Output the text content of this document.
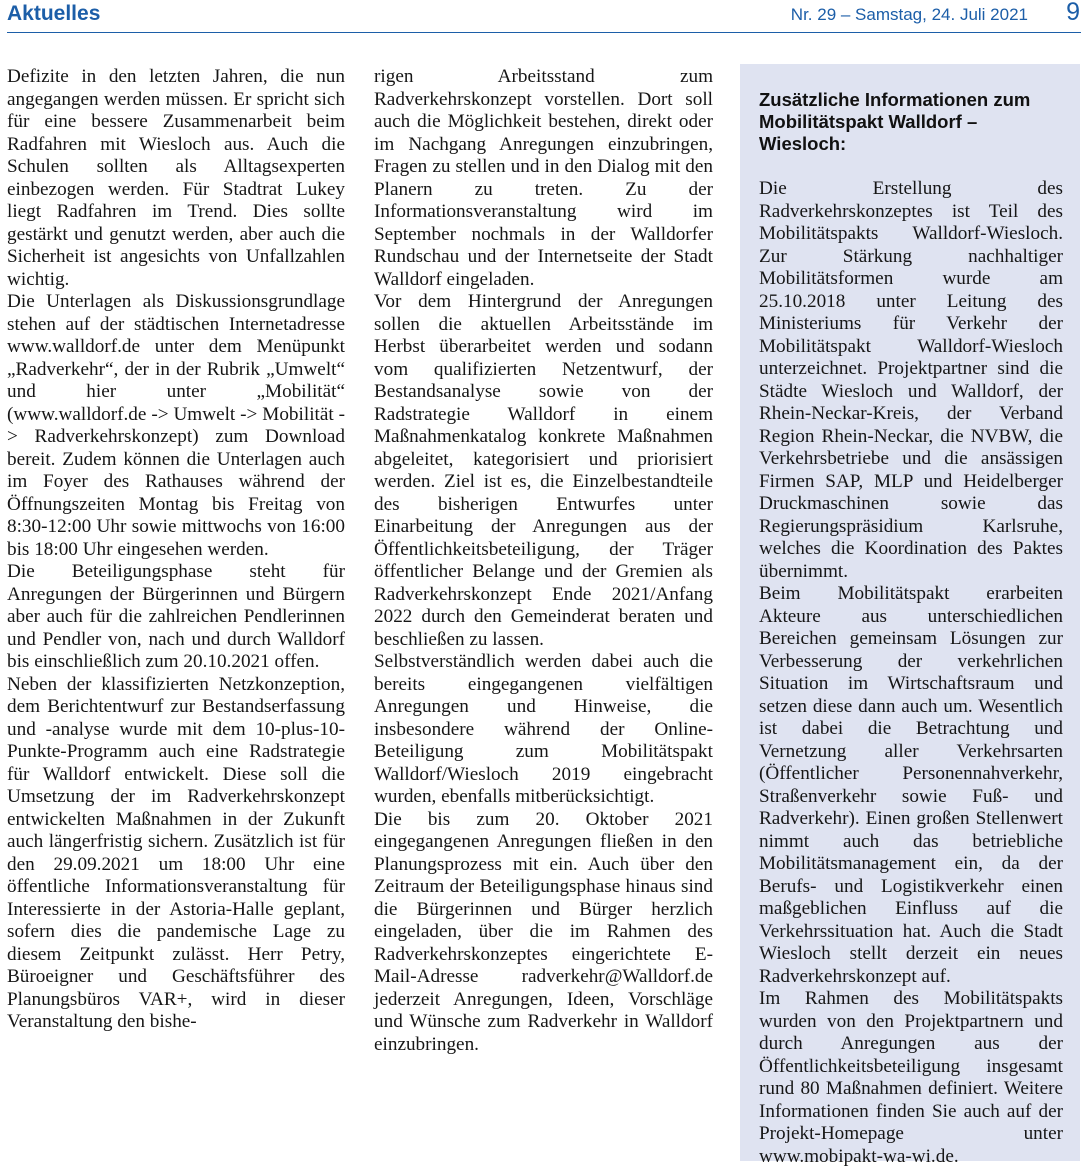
Aktuelles	Nr. 29 – Samstag, 24. Juli 2021 9

Defizite in den letzten Jahren, die nun angegangen werden müssen. Er spricht sich für eine bessere Zusammenarbeit beim Radfahren mit Wiesloch aus. Auch die Schulen sollten als Alltagsexperten einbezogen werden. Für Stadtrat Lukey liegt Radfahren im Trend. Dies sollte gestärkt und genutzt werden, aber auch die Sicherheit ist angesichts von Unfallzahlen wichtig.

Die Unterlagen als Diskussionsgrundlage stehen auf der städtischen Internetadresse www.walldorf.de unter dem Menüpunkt „Radverkehr“, der in der Rubrik „Umwelt“ und hier unter „Mobilität“ (www.walldorf.de -> Umwelt -> Mobilität -> Radverkehrskonzept) zum Download bereit. Zudem können die Unterlagen auch im Foyer des Rathauses während der Öffnungszeiten Montag bis Freitag von 8:30-12:00 Uhr sowie mittwochs von 16:00 bis 18:00 Uhr eingesehen werden.

Die Beteiligungsphase steht für Anregungen der Bürgerinnen und Bürgern aber auch für die zahlreichen Pendlerinnen und Pendler von, nach und durch Walldorf bis einschließlich zum 20.10.2021 offen.

Neben der klassifizierten Netzkonzeption, dem Berichtentwurf zur Bestandserfassung und -analyse wurde mit dem 10-plus-10-Punkte-Programm auch eine Radstrategie für Walldorf entwickelt. Diese soll die Umsetzung der im Radverkehrskonzept entwickelten Maßnahmen in der Zukunft auch längerfristig sichern. Zusätzlich ist für den 29.09.2021 um 18:00 Uhr eine öffentliche Informationsveranstaltung für Interessierte in der Astoria-Halle geplant, sofern dies die pandemische Lage zu diesem Zeitpunkt zulässt. Herr Petry, Büroeigner und Geschäftsführer des Planungsbüros VAR+, wird in dieser Veranstaltung den bishe-

rigen Arbeitsstand zum Radverkehrskonzept vorstellen. Dort soll auch die Möglichkeit bestehen, direkt oder im Nachgang Anregungen einzubringen, Fragen zu stellen und in den Dialog mit den Planern zu treten. Zu der Informationsveranstaltung wird im September nochmals in der Walldorfer Rundschau und der Internetseite der Stadt Walldorf eingeladen.

Vor dem Hintergrund der Anregungen sollen die aktuellen Arbeitsstände im Herbst überarbeitet werden und sodann vom qualifizierten Netzentwurf, der Bestandsanalyse sowie von der Radstrategie Walldorf in einem Maßnahmenkatalog konkrete Maßnahmen abgeleitet, kategorisiert und priorisiert werden. Ziel ist es, die Einzelbestandteile des bisherigen Entwurfes unter Einarbeitung der Anregungen aus der Öffentlichkeitsbeteiligung, der Träger öffentlicher Belange und der Gremien als Radverkehrskonzept Ende 2021/Anfang 2022 durch den Gemeinderat beraten und beschließen zu lassen.

Selbstverständlich werden dabei auch die bereits eingegangenen vielfältigen Anregungen und Hinweise, die insbesondere während der Online-Beteiligung zum Mobilitätspakt Walldorf/Wiesloch 2019 eingebracht wurden, ebenfalls mitberücksichtigt.

Die bis zum 20. Oktober 2021 eingegangenen Anregungen fließen in den Planungsprozess mit ein. Auch über den Zeitraum der Beteiligungsphase hinaus sind die Bürgerinnen und Bürger herzlich eingeladen, über die im Rahmen des Radverkehrskonzeptes eingerichtete E-Mail-Adresse radverkehr@Walldorf.de jederzeit Anregungen, Ideen, Vorschläge und Wünsche zum Radverkehr in Walldorf einzubringen.

Zusätzliche Informationen zum Mobilitätspakt Walldorf – Wiesloch:

Die Erstellung des Radverkehrskonzeptes ist Teil des Mobilitätspakts Walldorf-Wiesloch. Zur Stärkung nachhaltiger Mobilitätsformen wurde am 25.10.2018 unter Leitung des Ministeriums für Verkehr der Mobilitätspakt Walldorf-Wiesloch unterzeichnet. Projektpartner sind die Städte Wiesloch und Walldorf, der Rhein-Neckar-Kreis, der Verband Region Rhein-Neckar, die NVBW, die Verkehrsbetriebe und die ansässigen Firmen SAP, MLP und Heidelberger Druckmaschinen sowie das Regierungspräsidium Karlsruhe, welches die Koordination des Paktes übernimmt.

Beim Mobilitätspakt erarbeiten Akteure aus unterschiedlichen Bereichen gemeinsam Lösungen zur Verbesserung der verkehrlichen Situation im Wirtschaftsraum und setzen diese dann auch um. Wesentlich ist dabei die Betrachtung und Vernetzung aller Verkehrsarten (Öffentlicher Personennahverkehr, Straßenverkehr sowie Fuß- und Radverkehr). Einen großen Stellenwert nimmt auch das betriebliche Mobilitätsmanagement ein, da der Berufs- und Logistikverkehr einen maßgeblichen Einfluss auf die Verkehrssituation hat. Auch die Stadt Wiesloch stellt derzeit ein neues Radverkehrskonzept auf.

Im Rahmen des Mobilitätspakts wurden von den Projektpartnern und durch Anregungen aus der Öffentlichkeitsbeteiligung insgesamt rund 80 Maßnahmen definiert. Weitere Informationen finden Sie auch auf der Projekt-Homepage unter www.mobipakt-wa-wi.de.
